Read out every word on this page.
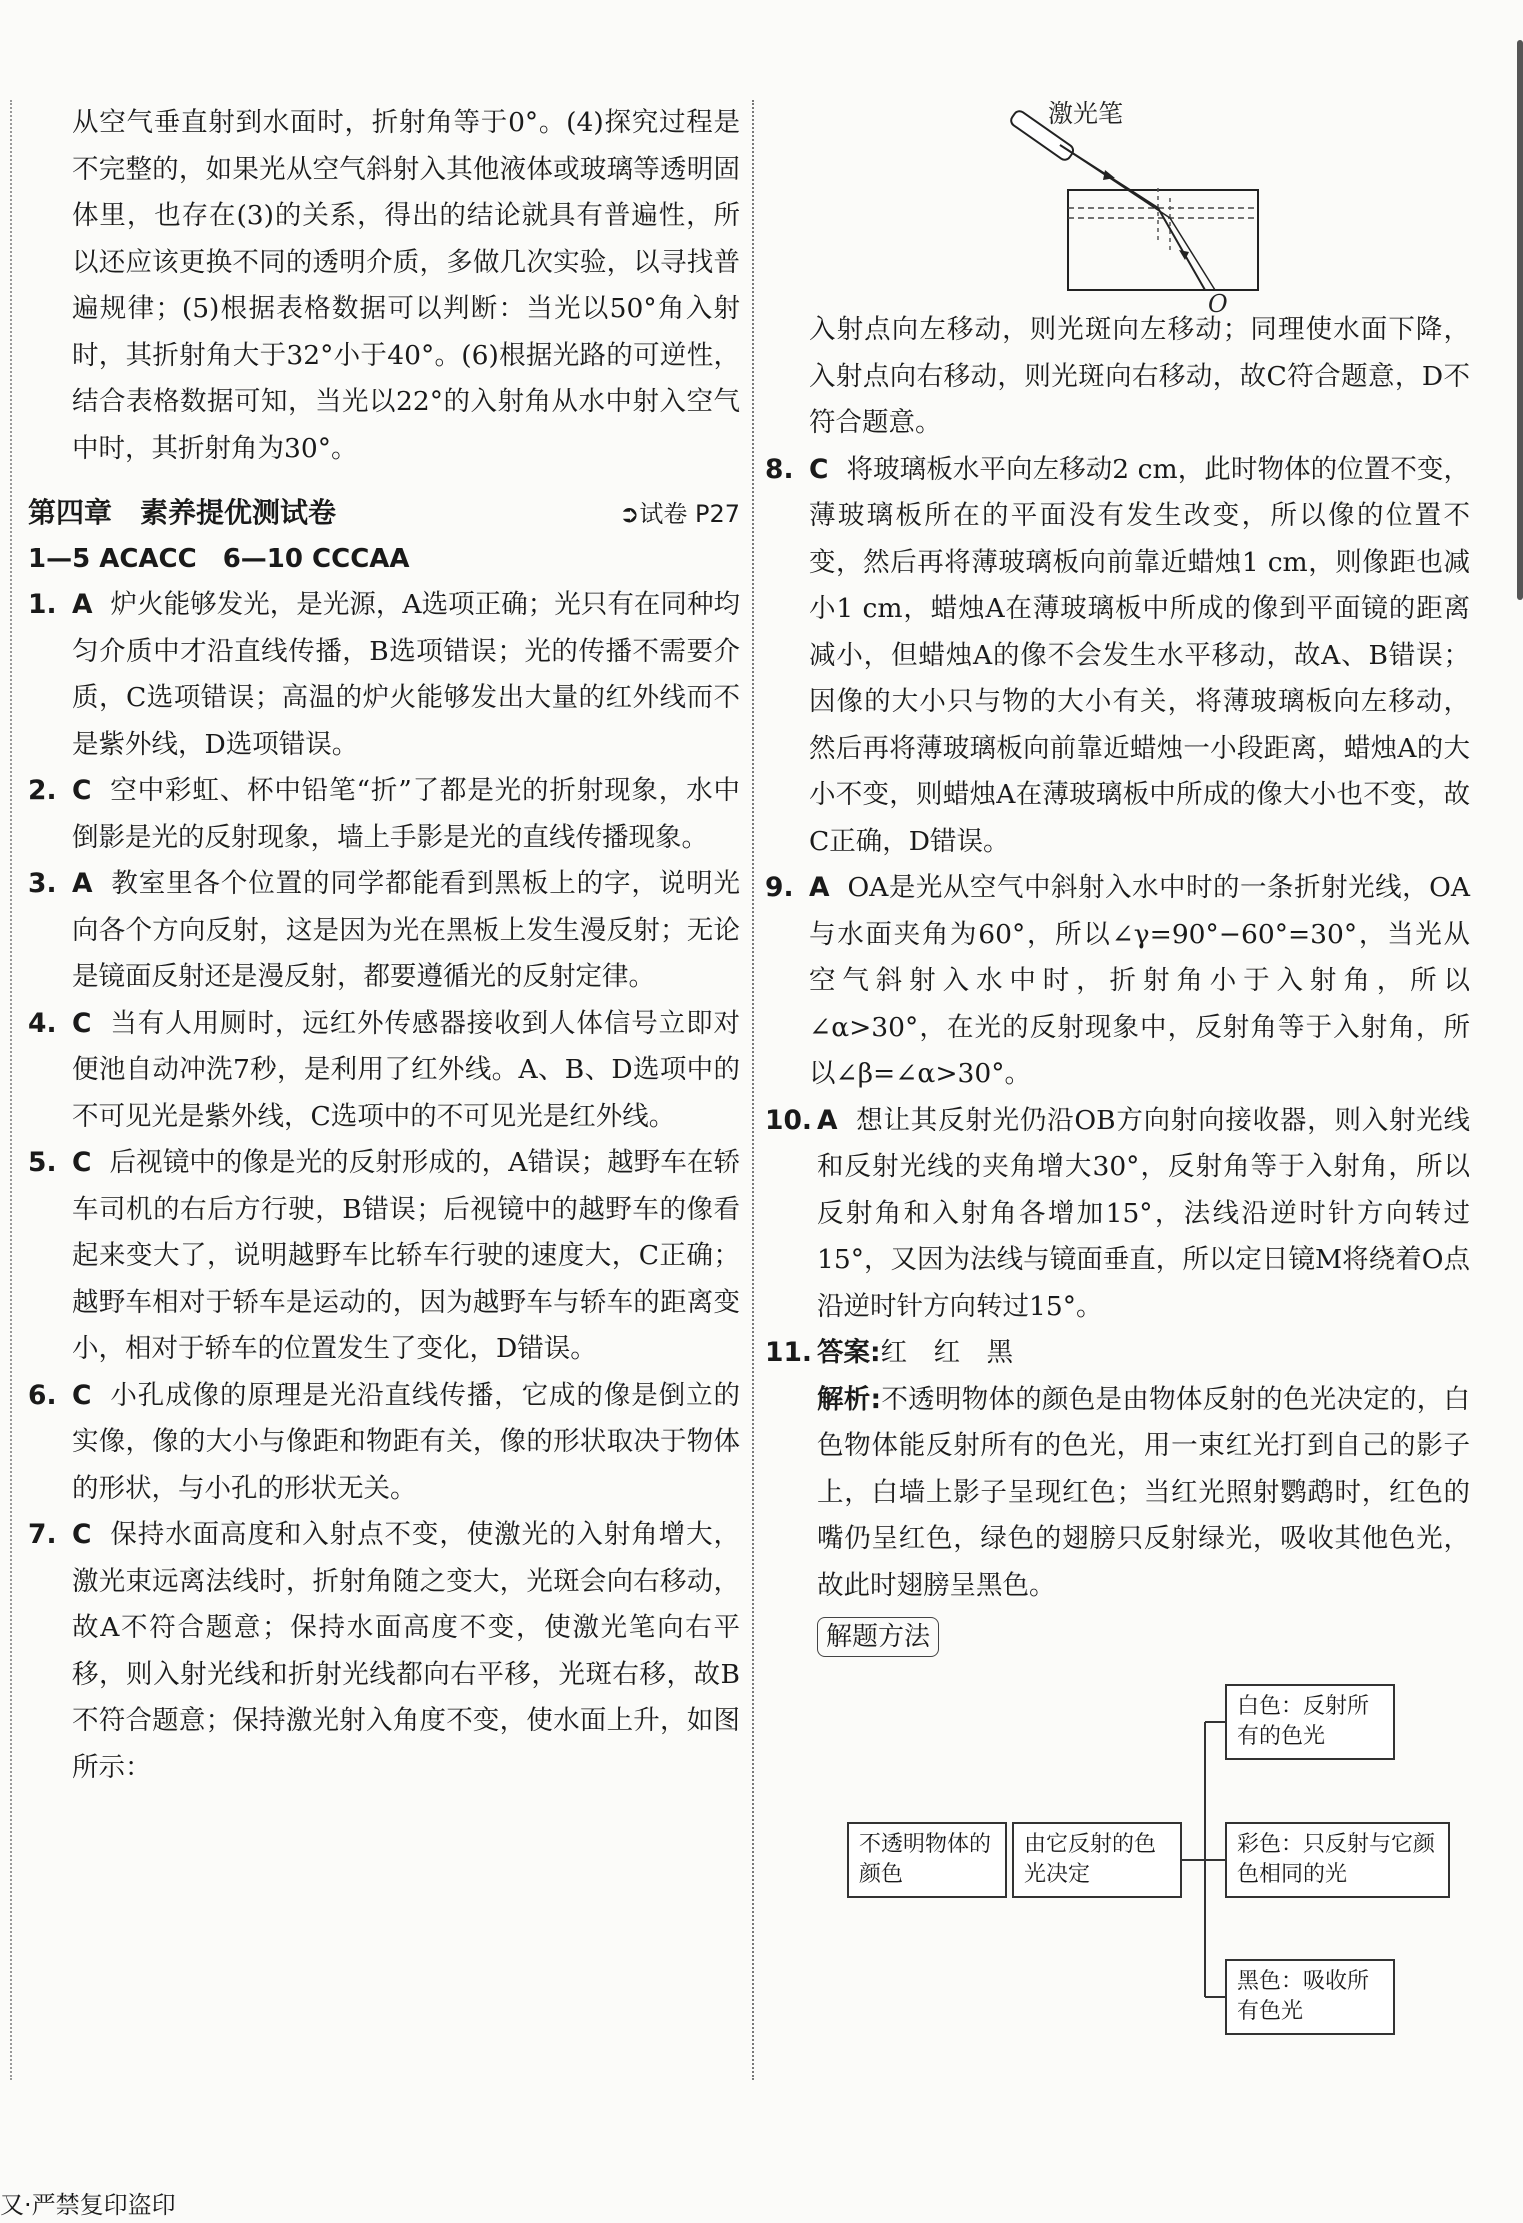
从空气垂直射到水面时，折射角等于0°。(4)探究过程是不完整的，如果光从空气斜射入其他液体或玻璃等透明固体里，也存在(3)的关系，得出的结论就具有普遍性，所以还应该更换不同的透明介质，多做几次实验，以寻找普遍规律；(5)根据表格数据可以判断：当光以50°角入射时，其折射角大于32°小于40°。(6)根据光路的可逆性，结合表格数据可知，当光以22°的入射角从水中射入空气中时，其折射角为30°。

第四章　素养提优测试卷	➲试卷 P27
1—5 ACACC　6—10 CCCAA
1. A 炉火能够发光，是光源，A选项正确；光只有在同种均匀介质中才沿直线传播，B选项错误；光的传播不需要介质，C选项错误；高温的炉火能够发出大量的红外线而不是紫外线，D选项错误。
2. C 空中彩虹、杯中铅笔“折”了都是光的折射现象，水中倒影是光的反射现象，墙上手影是光的直线传播现象。
3. A 教室里各个位置的同学都能看到黑板上的字，说明光向各个方向反射，这是因为光在黑板上发生漫反射；无论是镜面反射还是漫反射，都要遵循光的反射定律。
4. C 当有人用厕时，远红外传感器接收到人体信号立即对便池自动冲洗7秒，是利用了红外线。A、B、D选项中的不可见光是紫外线，C选项中的不可见光是红外线。
5. C 后视镜中的像是光的反射形成的，A错误；越野车在轿车司机的右后方行驶，B错误；后视镜中的越野车的像看起来变大了，说明越野车比轿车行驶的速度大，C正确；越野车相对于轿车是运动的，因为越野车与轿车的距离变小，相对于轿车的位置发生了变化，D错误。
6. C 小孔成像的原理是光沿直线传播，它成的像是倒立的实像，像的大小与像距和物距有关，像的形状取决于物体的形状，与小孔的形状无关。
7. C 保持水面高度和入射点不变，使激光的入射角增大，激光束远离法线时，折射角随之变大，光斑会向右移动，故A不符合题意；保持水面高度不变，使激光笔向右平移，则入射光线和折射光线都向右平移，光斑右移，故B不符合题意；保持激光射入角度不变，使水面上升，如图所示：
激光笔
O

入射点向左移动，则光斑向左移动；同理使水面下降，入射点向右移动，则光斑向右移动，故C符合题意，D不符合题意。

8. C 将玻璃板水平向左移动2 cm，此时物体的位置不变，薄玻璃板所在的平面没有发生改变，所以像的位置不变，然后再将薄玻璃板向前靠近蜡烛1 cm，则像距也减小1 cm，蜡烛A在薄玻璃板中所成的像到平面镜的距离减小，但蜡烛A的像不会发生水平移动，故A、B错误；因像的大小只与物的大小有关，将薄玻璃板向左移动，然后再将薄玻璃板向前靠近蜡烛一小段距离，蜡烛A的大小不变，则蜡烛A在薄玻璃板中所成的像大小也不变，故C正确，D错误。
9. A OA是光从空气中斜射入水中时的一条折射光线，OA与水面夹角为60°，所以∠γ=90°−60°=30°，当光从空气斜射入水中时，折射角小于入射角，所以∠α>30°，在光的反射现象中，反射角等于入射角，所以∠β=∠α>30°。
10. A 想让其反射光仍沿OB方向射向接收器，则入射光线和反射光线的夹角增大30°，反射角等于入射角，所以反射角和入射角各增加15°，法线沿逆时针方向转过15°，又因为法线与镜面垂直，所以定日镜M将绕着O点沿逆时针方向转过15°。
11. 答案:红　红　黑
解析:不透明物体的颜色是由物体反射的色光决定的，白色物体能反射所有的色光，用一束红光打到自己的影子上，白墙上影子呈现红色；当红光照射鹦鹉时，红色的嘴仍呈红色，绿色的翅膀只反射绿光，吸收其他色光，故此时翅膀呈黑色。
解题方法
不透明物体的颜色
由它反射的色光决定
白色：反射所有的色光
彩色：只反射与它颜色相同的光
黑色：吸收所有色光
又·严禁复印盗印
